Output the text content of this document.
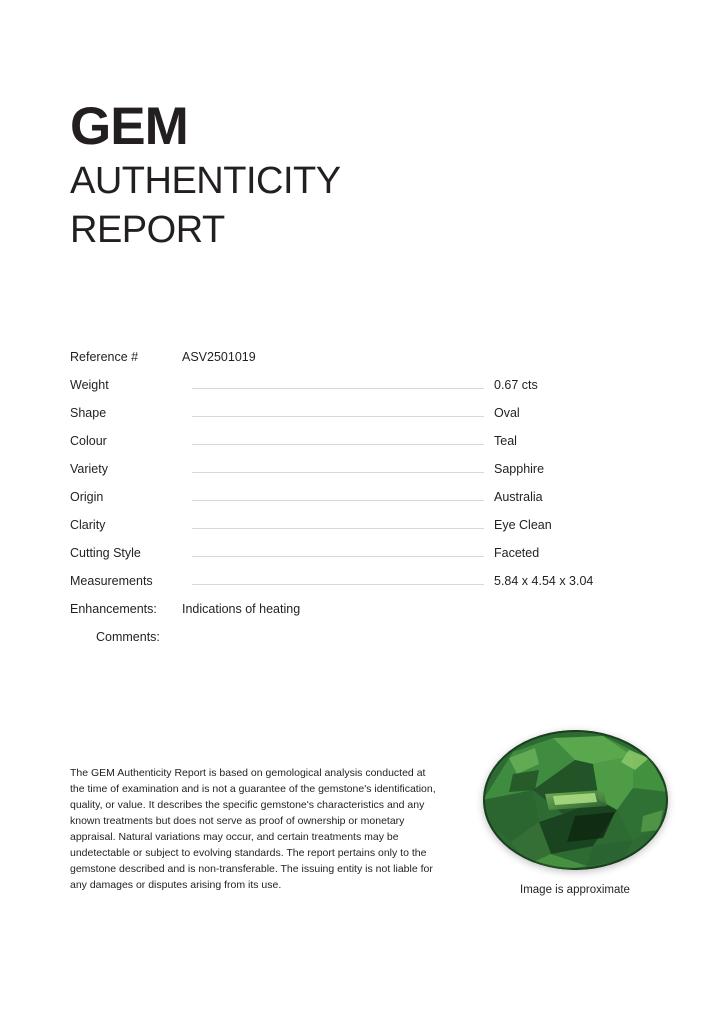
GEM
AUTHENTICITY
REPORT
Reference #	ASV2501019
Weight	0.67 cts
Shape	Oval
Colour	Teal
Variety	Sapphire
Origin	Australia
Clarity	Eye Clean
Cutting Style	Faceted
Measurements	5.84 x 4.54 x 3.04
Enhancements:	Indications of heating
Comments:
The GEM Authenticity Report is based on gemological analysis conducted at the time of examination and is not a guarantee of the gemstone's identification, quality, or value. It describes the specific gemstone's characteristics and any known treatments but does not serve as proof of ownership or monetary appraisal. Natural variations may occur, and certain treatments may be undetectable or subject to evolving standards. The report pertains only to the gemstone described and is non-transferable. The issuing entity is not liable for any damages or disputes arising from its use.	Image is approximate
